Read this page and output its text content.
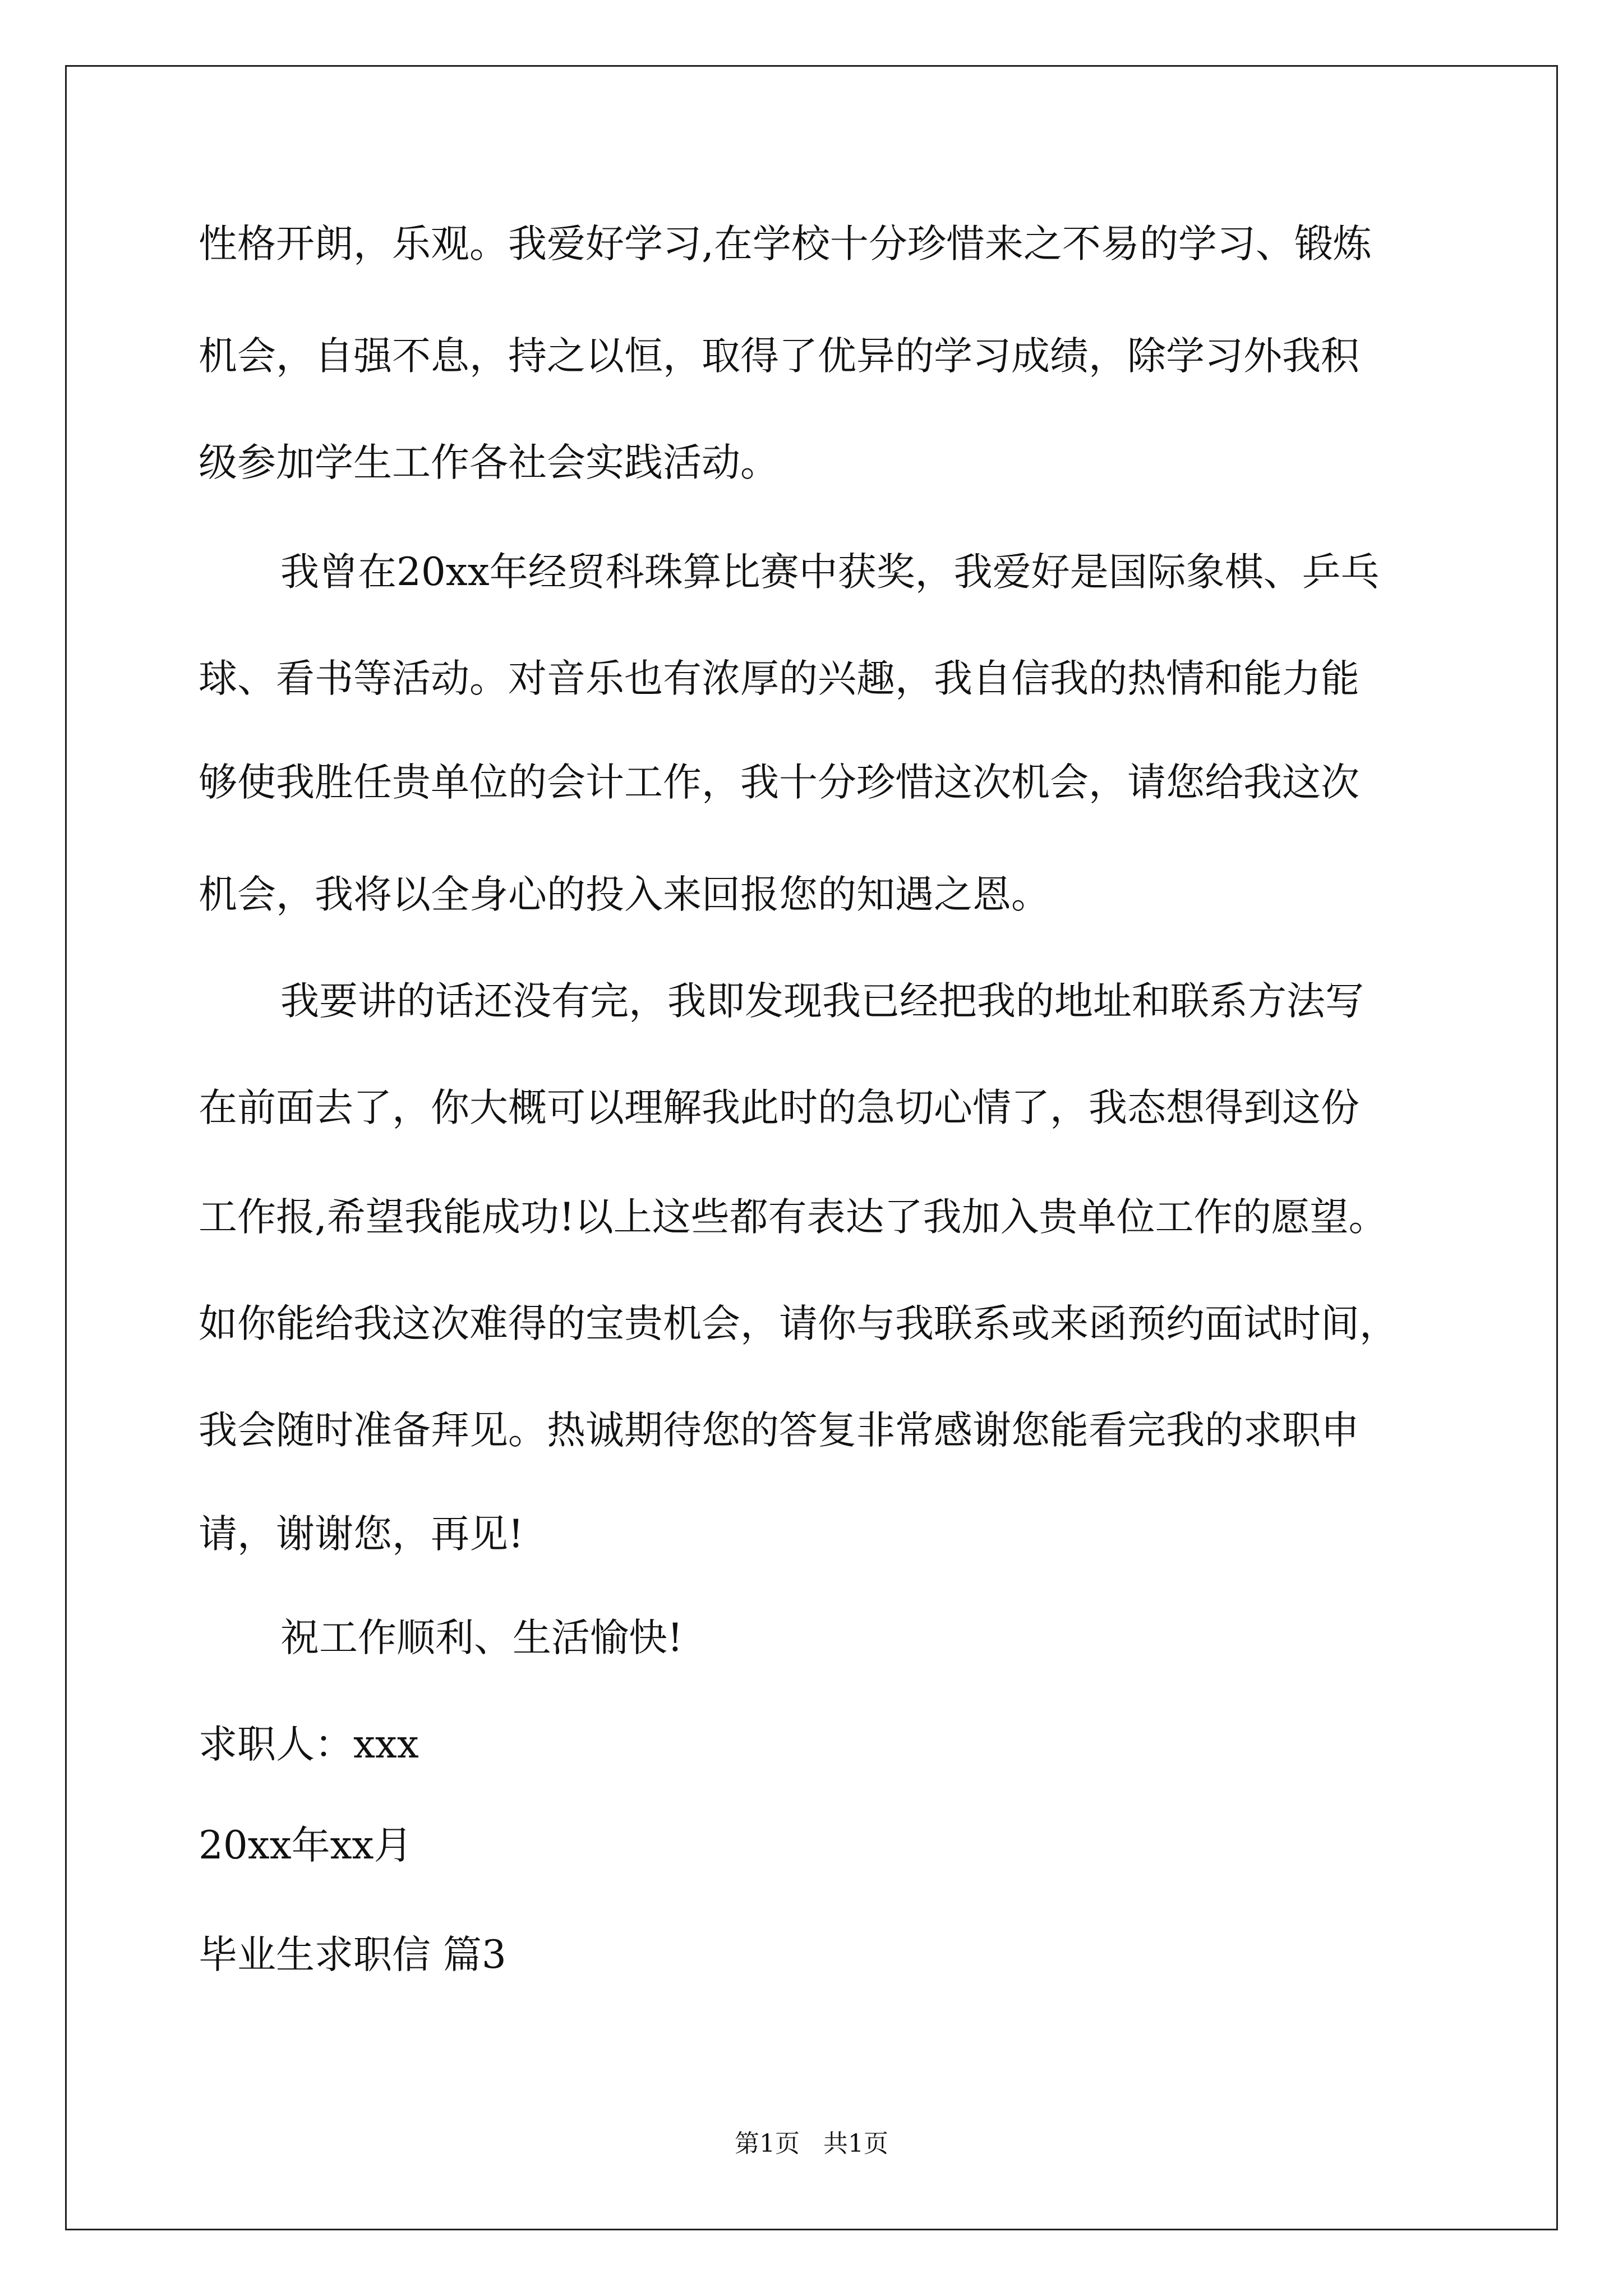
性格开朗，乐观。我爱好学习,在学校十分珍惜来之不易的学习、锻炼

机会，自强不息，持之以恒，取得了优异的学习成绩，除学习外我积

级参加学生工作各社会实践活动。

我曾在20xx年经贸科珠算比赛中获奖，我爱好是国际象棋、乒乓

球、看书等活动。对音乐也有浓厚的兴趣，我自信我的热情和能力能

够使我胜任贵单位的会计工作，我十分珍惜这次机会，请您给我这次

机会，我将以全身心的投入来回报您的知遇之恩。

我要讲的话还没有完，我即发现我已经把我的地址和联系方法写

在前面去了，你大概可以理解我此时的急切心情了，我态想得到这份

工作报,希望我能成功!以上这些都有表达了我加入贵单位工作的愿望。

如你能给我这次难得的宝贵机会，请你与我联系或来函预约面试时间，

我会随时准备拜见。热诚期待您的答复非常感谢您能看完我的求职申

请，谢谢您，再见!

祝工作顺利、生活愉快!

求职人：xxx

20xx年xx月

毕业生求职信 篇3

第1页   共1页
